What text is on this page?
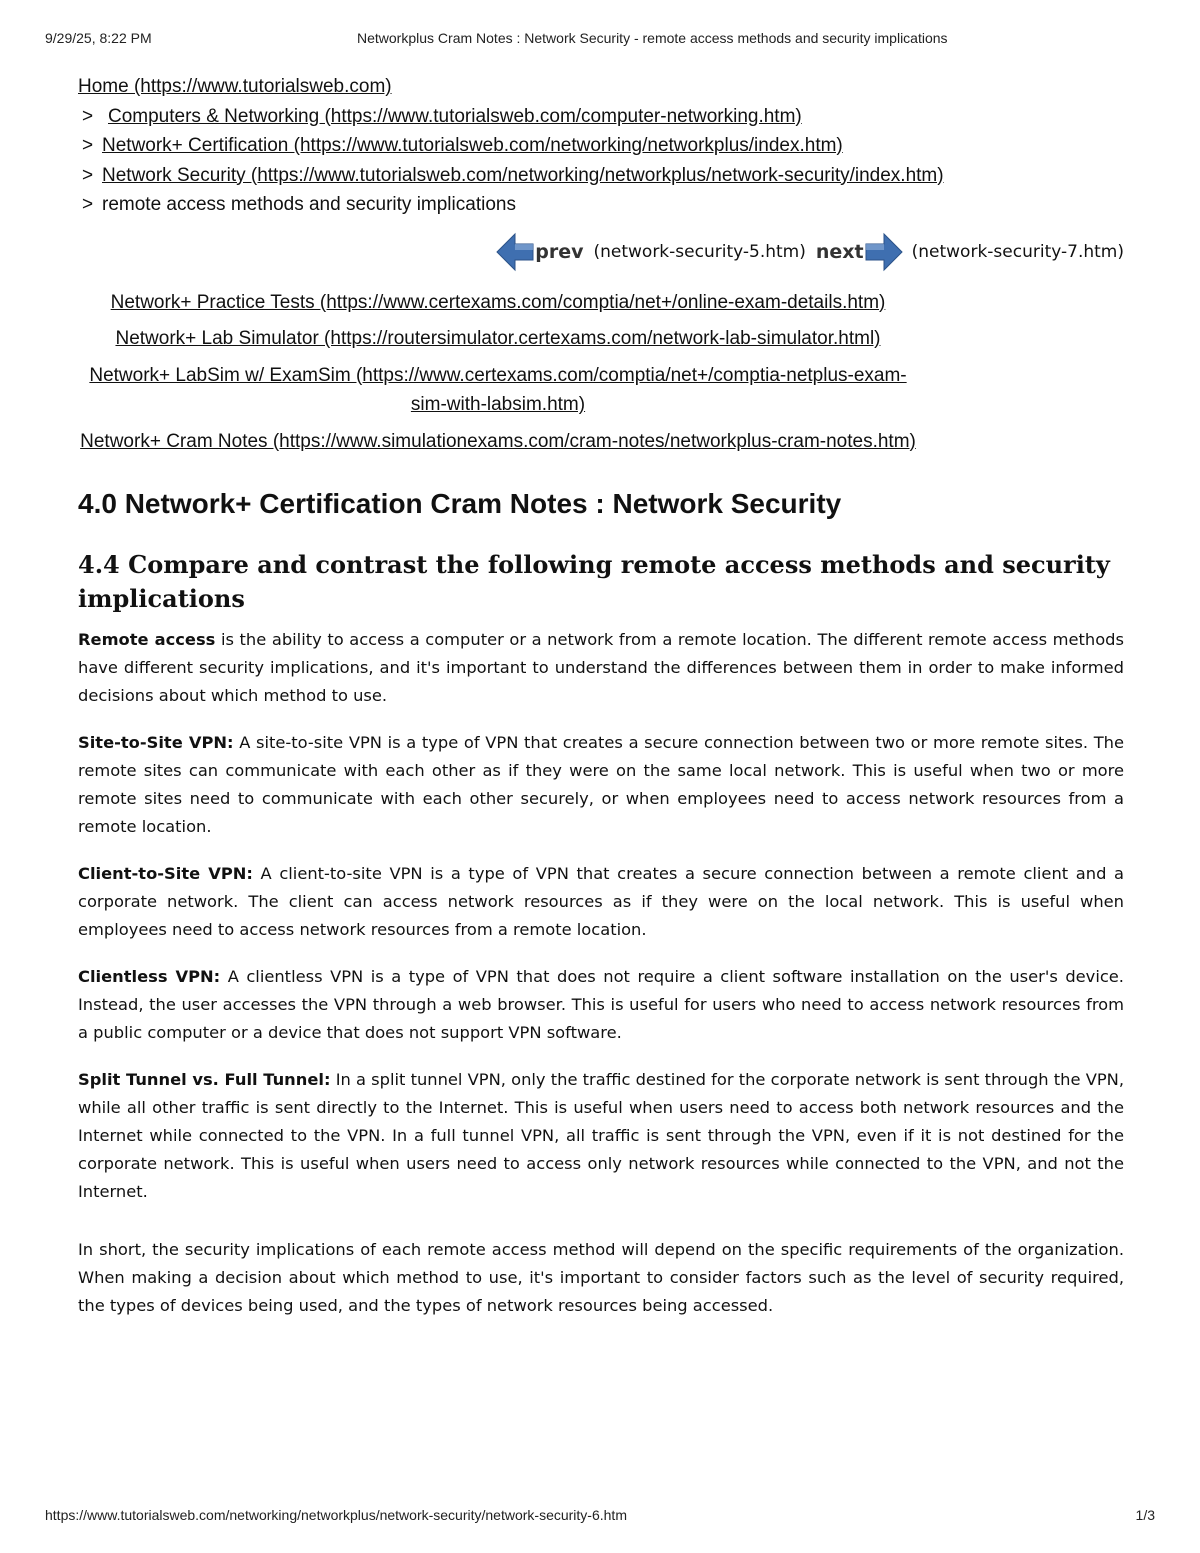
9/29/25, 8:22 PM	Networkplus Cram Notes : Network Security - remote access methods and security implications
Home (https://www.tutorialsweb.com)
> Computers & Networking (https://www.tutorialsweb.com/computer-networking.htm)
> Network+ Certification (https://www.tutorialsweb.com/networking/networkplus/index.htm)
> Network Security (https://www.tutorialsweb.com/networking/networkplus/network-security/index.htm)
> remote access methods and security implications
prev (network-security-5.htm) next	(network-security-7.htm)
Network+ Practice Tests (https://www.certexams.com/comptia/net+/online-exam-details.htm)
Network+ Lab Simulator (https://routersimulator.certexams.com/network-lab-simulator.html)
Network+ LabSim w/ ExamSim (https://www.certexams.com/comptia/net+/comptia-netplus-exam-sim-with-labsim.htm)
Network+ Cram Notes (https://www.simulationexams.com/cram-notes/networkplus-cram-notes.htm)
4.0 Network+ Certification Cram Notes : Network Security
4.4 Compare and contrast the following remote access methods and security implications

Remote access is the ability to access a computer or a network from a remote location. The different remote access methods have different security implications, and it's important to understand the differences between them in order to make informed decisions about which method to use.

Site-to-Site VPN: A site-to-site VPN is a type of VPN that creates a secure connection between two or more remote sites. The remote sites can communicate with each other as if they were on the same local network. This is useful when two or more remote sites need to communicate with each other securely, or when employees need to access network resources from a remote location.

Client-to-Site VPN: A client-to-site VPN is a type of VPN that creates a secure connection between a remote client and a corporate network. The client can access network resources as if they were on the local network. This is useful when employees need to access network resources from a remote location.

Clientless VPN: A clientless VPN is a type of VPN that does not require a client software installation on the user's device. Instead, the user accesses the VPN through a web browser. This is useful for users who need to access network resources from a public computer or a device that does not support VPN software.

Split Tunnel vs. Full Tunnel: In a split tunnel VPN, only the traffic destined for the corporate network is sent through the VPN, while all other traffic is sent directly to the Internet. This is useful when users need to access both network resources and the Internet while connected to the VPN. In a full tunnel VPN, all traffic is sent through the VPN, even if it is not destined for the corporate network. This is useful when users need to access only network resources while connected to the VPN, and not the Internet.

In short, the security implications of each remote access method will depend on the specific requirements of the organization. When making a decision about which method to use, it's important to consider factors such as the level of security required, the types of devices being used, and the types of network resources being accessed.

https://www.tutorialsweb.com/networking/networkplus/network-security/network-security-6.htm	1/3
